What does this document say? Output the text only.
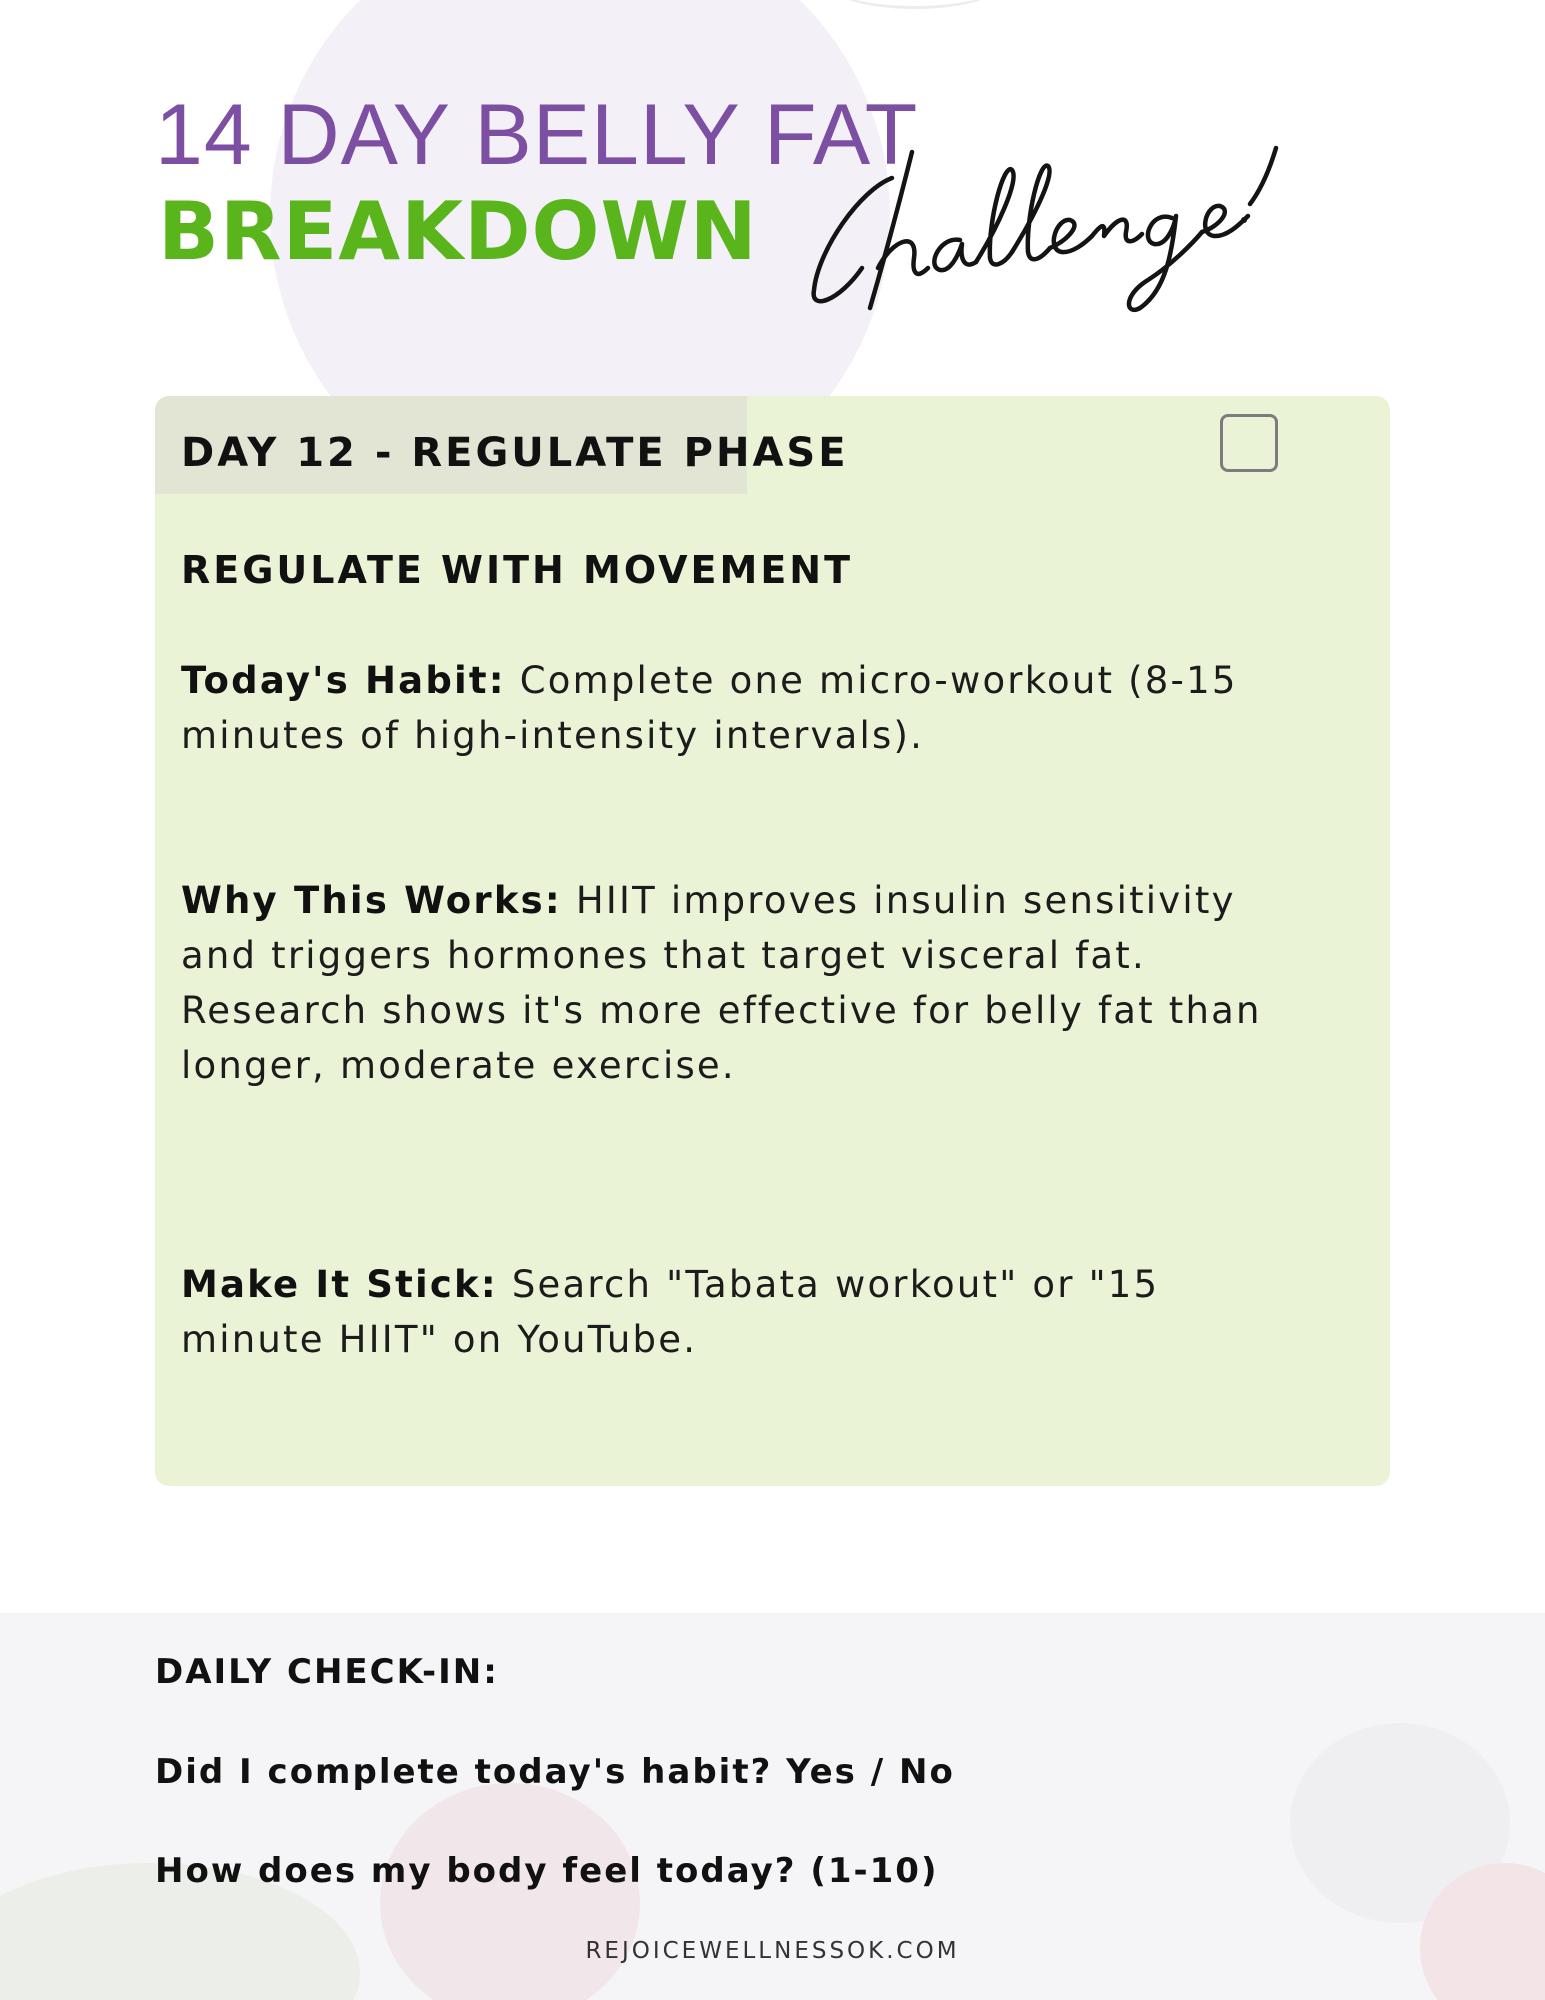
14 DAY BELLY FAT
BREAKDOWN
DAY 12 - REGULATE PHASE
REGULATE WITH MOVEMENT

Today's Habit: Complete one micro-workout (8-15 minutes of high-intensity intervals).

Why This Works: HIIT improves insulin sensitivity and triggers hormones that target visceral fat. Research shows it's more effective for belly fat than longer, moderate exercise.

Make It Stick: Search "Tabata workout" or "15 minute HIIT" on YouTube.

DAILY CHECK-IN:
Did I complete today's habit? Yes / No
How does my body feel today? (1-10)
REJOICEWELLNESSOK.COM
